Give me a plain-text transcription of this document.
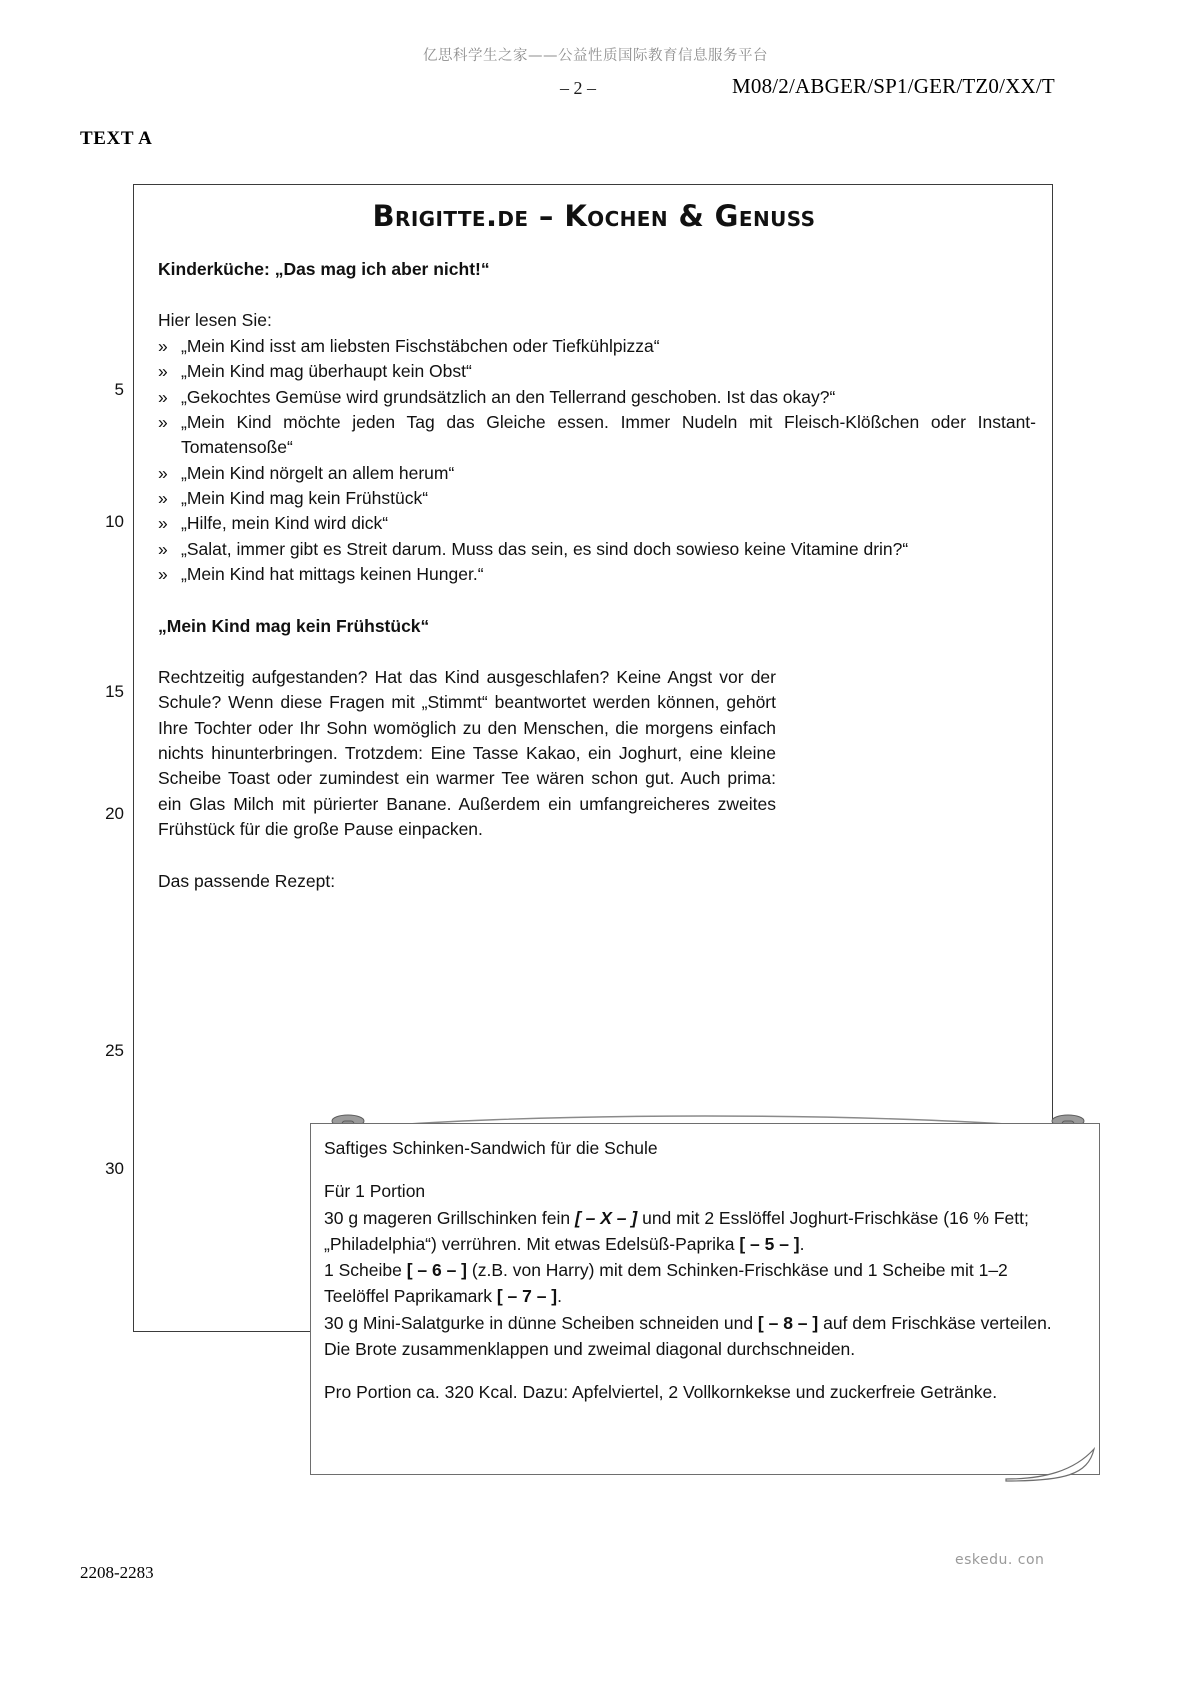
亿思科学生之家——公益性质国际教育信息服务平台
– 2 –	M08/2/ABGER/SP1/GER/TZ0/XX/T
TEXT A
5
10
15
20
25
30
Brigitte.de – Kochen & Genuss

Kinderküche: „Das mag ich aber nicht!“

Hier lesen Sie:

» „Mein Kind isst am liebsten Fischstäbchen oder Tiefkühlpizza“
» „Mein Kind mag überhaupt kein Obst“
» „Gekochtes Gemüse wird grundsätzlich an den Tellerrand geschoben. Ist das okay?“
» „Mein Kind möchte jeden Tag das Gleiche essen. Immer Nudeln mit Fleisch-Klößchen oder Instant-Tomatensoße“
» „Mein Kind nörgelt an allem herum“
» „Mein Kind mag kein Frühstück“
» „Hilfe, mein Kind wird dick“
» „Salat, immer gibt es Streit darum. Muss das sein, es sind doch sowieso keine Vitamine drin?“
» „Mein Kind hat mittags keinen Hunger.“

„Mein Kind mag kein Frühstück“

Rechtzeitig aufgestanden? Hat das Kind ausgeschlafen? Keine Angst vor der Schule? Wenn diese Fragen mit „Stimmt“ beantwortet werden können, gehört Ihre Tochter oder Ihr Sohn womöglich zu den Menschen, die morgens einfach nichts hinunterbringen. Trotzdem: Eine Tasse Kakao, ein Joghurt, eine kleine Scheibe Toast oder zumindest ein warmer Tee wären schon gut. Auch prima: ein Glas Milch mit pürierter Banane. Außerdem ein umfangreicheres zweites Frühstück für die große Pause einpacken.

Das passende Rezept:

Saftiges Schinken-Sandwich für die Schule

Für 1 Portion

30 g mageren Grillschinken fein [ – X – ] und mit 2 Esslöffel Joghurt-Frischkäse (16 % Fett; „Philadelphia“) verrühren. Mit etwas Edelsüß-Paprika [ – 5 – ].

1 Scheibe [ – 6 – ] (z.B. von Harry) mit dem Schinken-Frischkäse und 1 Scheibe mit 1–2 Teelöffel Paprikamark [ – 7 – ].

30 g Mini-Salatgurke in dünne Scheiben schneiden und [ – 8 – ] auf dem Frischkäse verteilen.

Die Brote zusammenklappen und zweimal diagonal durchschneiden.

Pro Portion ca. 320 Kcal. Dazu: Apfelviertel, 2 Vollkornkekse und zuckerfreie Getränke.

2208-2283
eskedu. con
